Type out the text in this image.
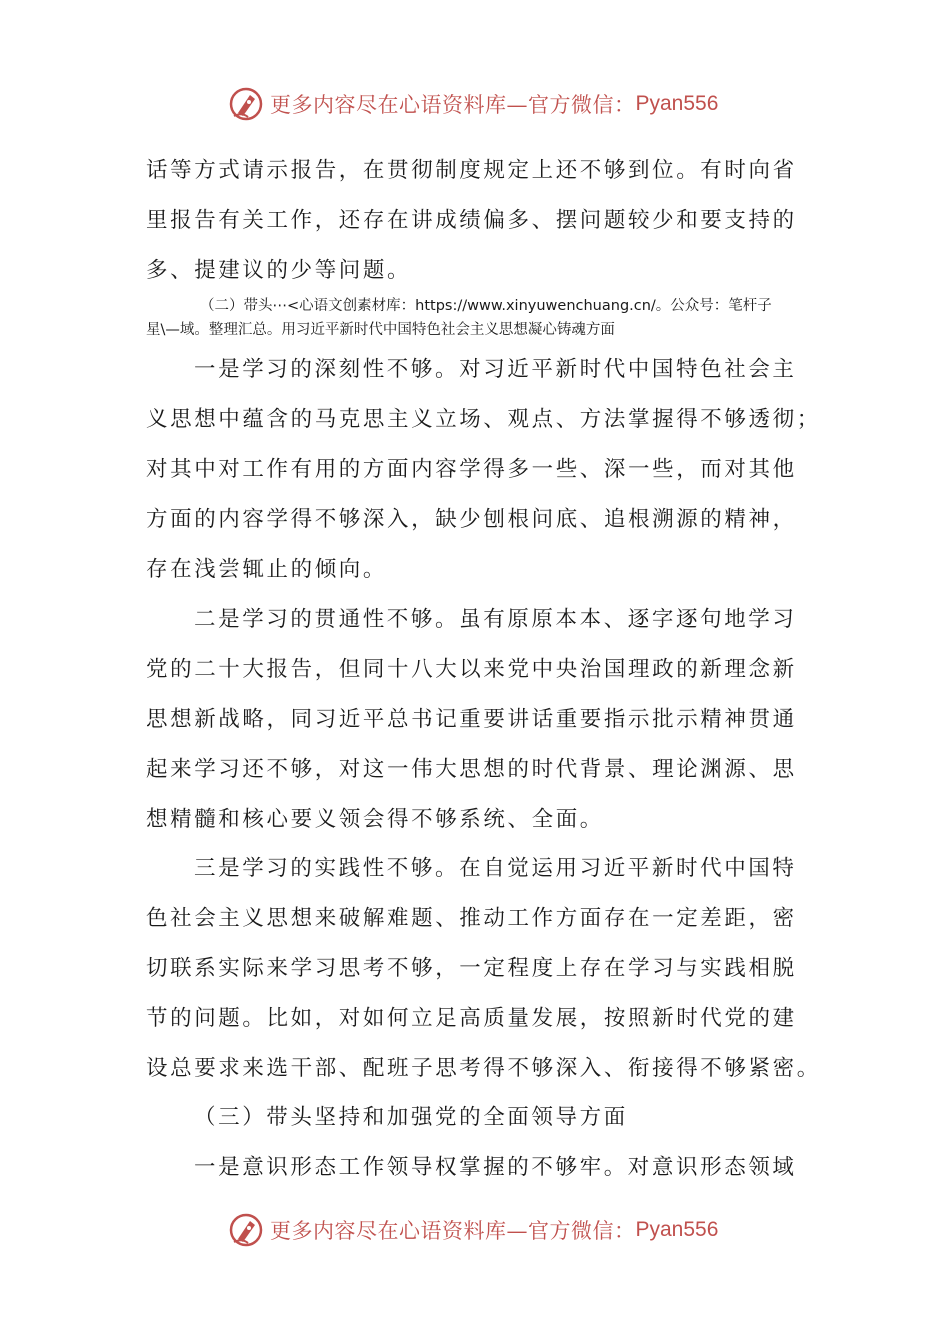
更多内容尽在心语资料库—官方微信： Pyan556
话等方式请示报告，在贯彻制度规定上还不够到位。有时向省
里报告有关工作，还存在讲成绩偏多、摆问题较少和要支持的
多、提建议的少等问题。
（二）带头⋯<心语文创素材库：https://www.xinyuwenchuang.cn/。公众号：笔杆子
星\—域。整理汇总。用习近平新时代中国特色社会主义思想凝心铸魂方面
一是学习的深刻性不够。对习近平新时代中国特色社会主
义思想中蕴含的马克思主义立场、观点、方法掌握得不够透彻；
对其中对工作有用的方面内容学得多一些、深一些，而对其他
方面的内容学得不够深入，缺少刨根问底、追根溯源的精神，
存在浅尝辄止的倾向。
二是学习的贯通性不够。虽有原原本本、逐字逐句地学习
党的二十大报告，但同十八大以来党中央治国理政的新理念新
思想新战略，同习近平总书记重要讲话重要指示批示精神贯通
起来学习还不够，对这一伟大思想的时代背景、理论渊源、思
想精髓和核心要义领会得不够系统、全面。
三是学习的实践性不够。在自觉运用习近平新时代中国特
色社会主义思想来破解难题、推动工作方面存在一定差距，密
切联系实际来学习思考不够，一定程度上存在学习与实践相脱
节的问题。比如，对如何立足高质量发展，按照新时代党的建
设总要求来选干部、配班子思考得不够深入、衔接得不够紧密。
（三）带头坚持和加强党的全面领导方面
一是意识形态工作领导权掌握的不够牢。对意识形态领域
更多内容尽在心语资料库—官方微信： Pyan556
